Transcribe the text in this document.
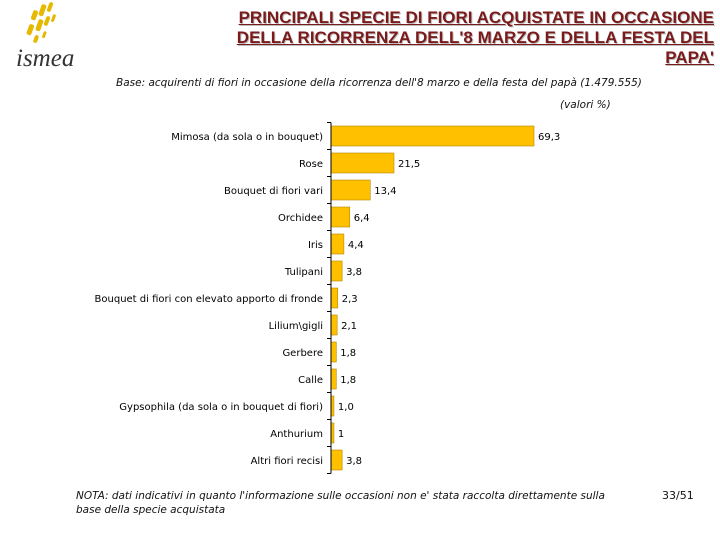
ismea
PRINCIPALI SPECIE DI FIORI ACQUISTATE IN OCCASIONE
DELLA RICORRENZA DELL'8 MARZO E DELLA FESTA DEL
PAPA'
Base: acquirenti di fiori in occasione della ricorrenza dell'8 marzo e della festa del papà (1.479.555)
(valori %)
Mimosa (da sola o in bouquet)	69,3
Rose	21,5
Bouquet di fiori vari	13,4
Orchidee	6,4
Iris 4,4
Tulipani 3,8
Bouquet di fiori con elevato apporto di fronde 2,3
Lilium\gigli 2,1
Gerbere 1,8
Calle 1,8
Gypsophila (da sola o in bouquet di fiori) 1,0
Anthurium 1
Altri fiori recisi 3,8
NOTA: dati indicativi in quanto l'informazione sulle occasioni non e' stata raccolta direttamente sulla base della specie acquistata
33/51
